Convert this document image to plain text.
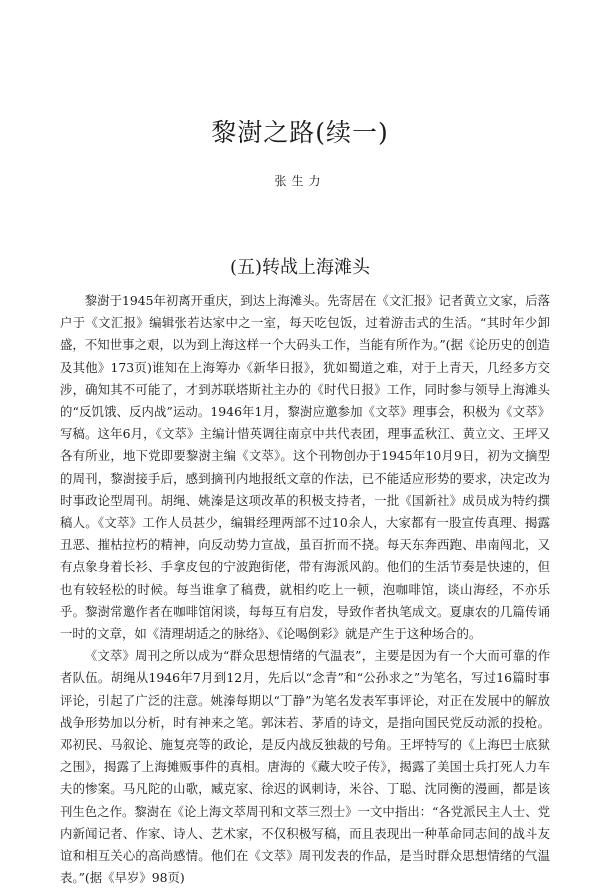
黎澍之路(续一)
张生力
(五)转战上海滩头

黎澍于1945年初离开重庆，到达上海滩头。先寄居在《文汇报》记者黄立文家，后落户于《文汇报》编辑张若达家中之一室，每天吃包饭，过着游击式的生活。“其时年少卸盛，不知世事之艰，以为到上海这样一个大码头工作，当能有所作为。”(据《论历史的创造及其他》173页)谁知在上海筹办《新华日报》，犹如蜀道之难，对于上青天，几经多方交涉，确知其不可能了，才到苏联塔斯社主办的《时代日报》工作，同时参与领导上海滩头的“反饥饿、反内战”运动。1946年1月，黎澍应邀参加《文萃》理事会，积极为《文萃》写稿。这年6月，《文萃》主编计惜英调往南京中共代表团，理事孟秋江、黄立文、王坪又各有所业，地下党即要黎澍主编《文萃》。这个刊物创办于1945年10月9日，初为文摘型的周刊，黎澍接手后，感到摘刊内地报纸文章的作法，已不能适应形势的要求，决定改为时事政论型周刊。胡绳、姚溱是这项改革的积极支持者，一批《国新社》成员成为特约撰稿人。《文萃》工作人员甚少，编辑经理两部不过10余人，大家都有一股宣传真理、揭露丑恶、摧枯拉朽的精神，向反动势力宣战，虽百折而不挠。每天东奔西跑、串南闯北，又有点象身着长衫、手拿皮包的宁波跑街佬，带有海派风韵。他们的生活节奏是快速的，但也有较轻松的时候。每当谁拿了稿费，就相约吃上一顿，泡咖啡馆，谈山海经，不亦乐乎。黎澍常邀作者在咖啡馆闲谈，每每互有启发，导致作者执笔成文。夏康农的几篇传诵一时的文章，如《清理胡适之的脉络》、《论喝倒彩》就是产生于这种场合的。

《文萃》周刊之所以成为“群众思想情绪的气温表”，主要是因为有一个大而可靠的作者队伍。胡绳从1946年7月到12月，先后以“念青”和“公孙求之”为笔名，写过16篇时事评论，引起了广泛的注意。姚溱每期以“丁静”为笔名发表军事评论，对正在发展中的解放战争形势加以分析，时有神来之笔。郭沫若、茅盾的诗文，是指向国民党反动派的投枪。邓初民、马叙论、施复亮等的政论，是反内战反独裁的号角。王坪特写的《上海巴士底狱之围》，揭露了上海摊贩事件的真相。唐海的《藏大咬子传》，揭露了美国士兵打死人力车夫的惨案。马凡陀的山歌，臧克家、徐迟的讽刺诗，米谷、丁聪、沈同衡的漫画，都是该刊生色之作。黎澍在《论上海文萃周刊和文萃三烈士》一文中指出：“各党派民主人士、党内新闻记者、作家、诗人、艺术家，不仅积极写稿，而且表现出一种革命同志间的战斗友谊和相互关心的高尚感情。他们在《文萃》周刊发表的作品，是当时群众思想情绪的气温表。”(据《早岁》98页)
